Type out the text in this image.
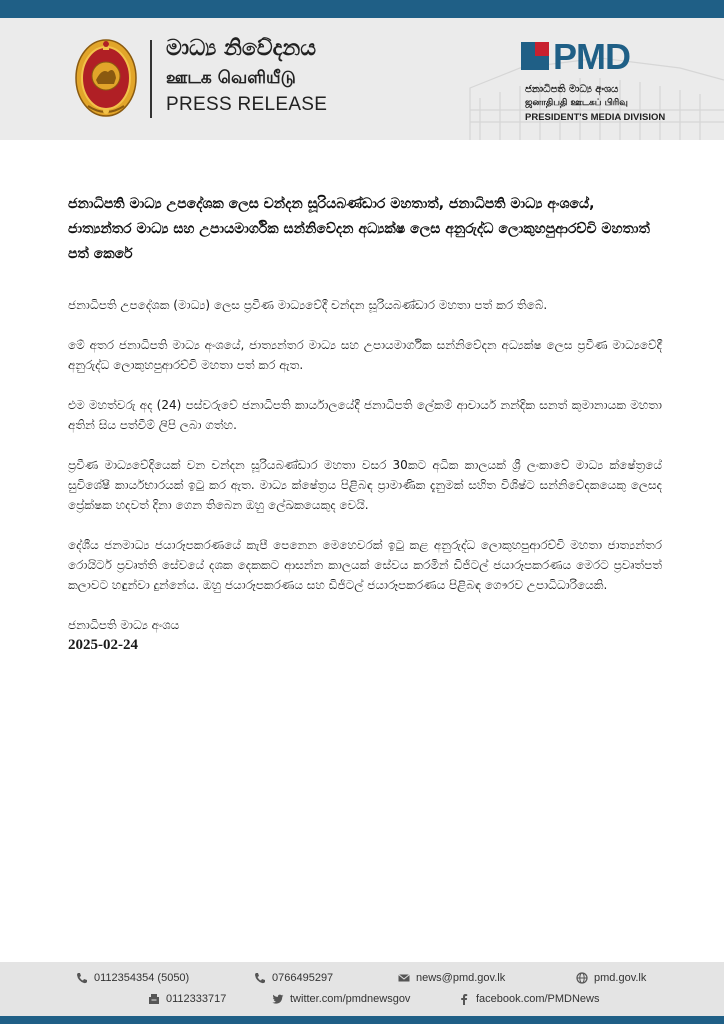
මාධ්‍ය නිවේදනය
ஊடக வெளியீடு
PRESS RELEASE
PMD
ජනාධිපති මාධ්‍ය අංශය
ஜனாதிபதி ஊடகப் பிரிவு
PRESIDENT'S MEDIA DIVISION
ජනාධිපති මාධ්‍ය උපදේශක ලෙස චන්දන සූරියබණ්ඩාර මහතාත්, ජනාධිපති මාධ්‍ය අංශයේ, ජාත්‍යන්තර මාධ්‍ය සහ උපායමාර්ගික සන්නිවේදන අධ්‍යක්ෂ ලෙස අනුරුද්ධ ලොකුහපුආරච්චි මහතාත් පත් කෙරේ

ජනාධිපති උපදේශක (මාධ්‍ය) ලෙස ප්‍රවීණ මාධ්‍යවේදී චන්දන සූරියබණ්ඩාර මහතා පත් කර තිබේ.

මේ අතර ජනාධිපති මාධ්‍ය අංශයේ, ජාත්‍යන්තර මාධ්‍ය සහ උපායමාර්ගික සන්නිවේදන අධ්‍යක්ෂ ලෙස ප්‍රවීණ මාධ්‍යවේදී අනුරුද්ධ ලොකුහපුආරච්චි මහතා පත් කර ඇත.

එම මහත්වරු අද (24) පස්වරුවේ ජනාධිපති කාර්යාලයේදී ජනාධිපති ලේකම් ආචාර්ය නන්දික සනත් කුමානායක මහතා අතින් සිය පත්වීම් ලිපි ලබා ගත්හ.

ප්‍රවීණ මාධ්‍යවේදියෙක් වන චන්දන සූරියබණ්ඩාර මහතා වසර 30කට අධික කාලයක් ශ්‍රී ලංකාවේ මාධ්‍ය ක්ෂේත්‍රයේ සුවිශේෂී කාර්යභාරයක් ඉටු කර ඇත. මාධ්‍ය ක්ෂේත්‍රය පිළිබඳ ප්‍රාමාණික දැනුමක් සහිත විශිෂ්ට සන්නිවේදකයෙකු ලෙසද ප්‍රේක්ෂක හදවත් දිනා ගෙන තිබෙන ඔහු ලේඛකයෙකුද වෙයි.

දේශීය ජනමාධ්‍ය ජයාරූපකරණයේ කැපී පෙනෙන මෙහෙවරක් ඉටු කළ අනුරුද්ධ ලොකුහපුආරච්චි මහතා ජාත්‍යන්තර රොයිටර් ප්‍රවෘත්ති සේවයේ දශක දෙකකට ආසන්න කාලයක් සේවය කරමින් ඩිජිටල් ජයාරූපකරණය මෙරට ප්‍රවෘත්පත් කලාවට හඳුන්වා දුන්නේය. ඔහු ජයාරූපකරණය සහ ඩිජිටල් ජයාරූපකරණය පිළිබඳ ගෞරව උපාධිධාරියෙකි.

ජනාධිපති මාධ්‍ය අංශය
2025-02-24
0112354354 (5050)	0766495297	news@pmd.gov.lk	pmd.gov.lk
0112333717	twitter.com/pmdnewsgov	facebook.com/PMDNews
